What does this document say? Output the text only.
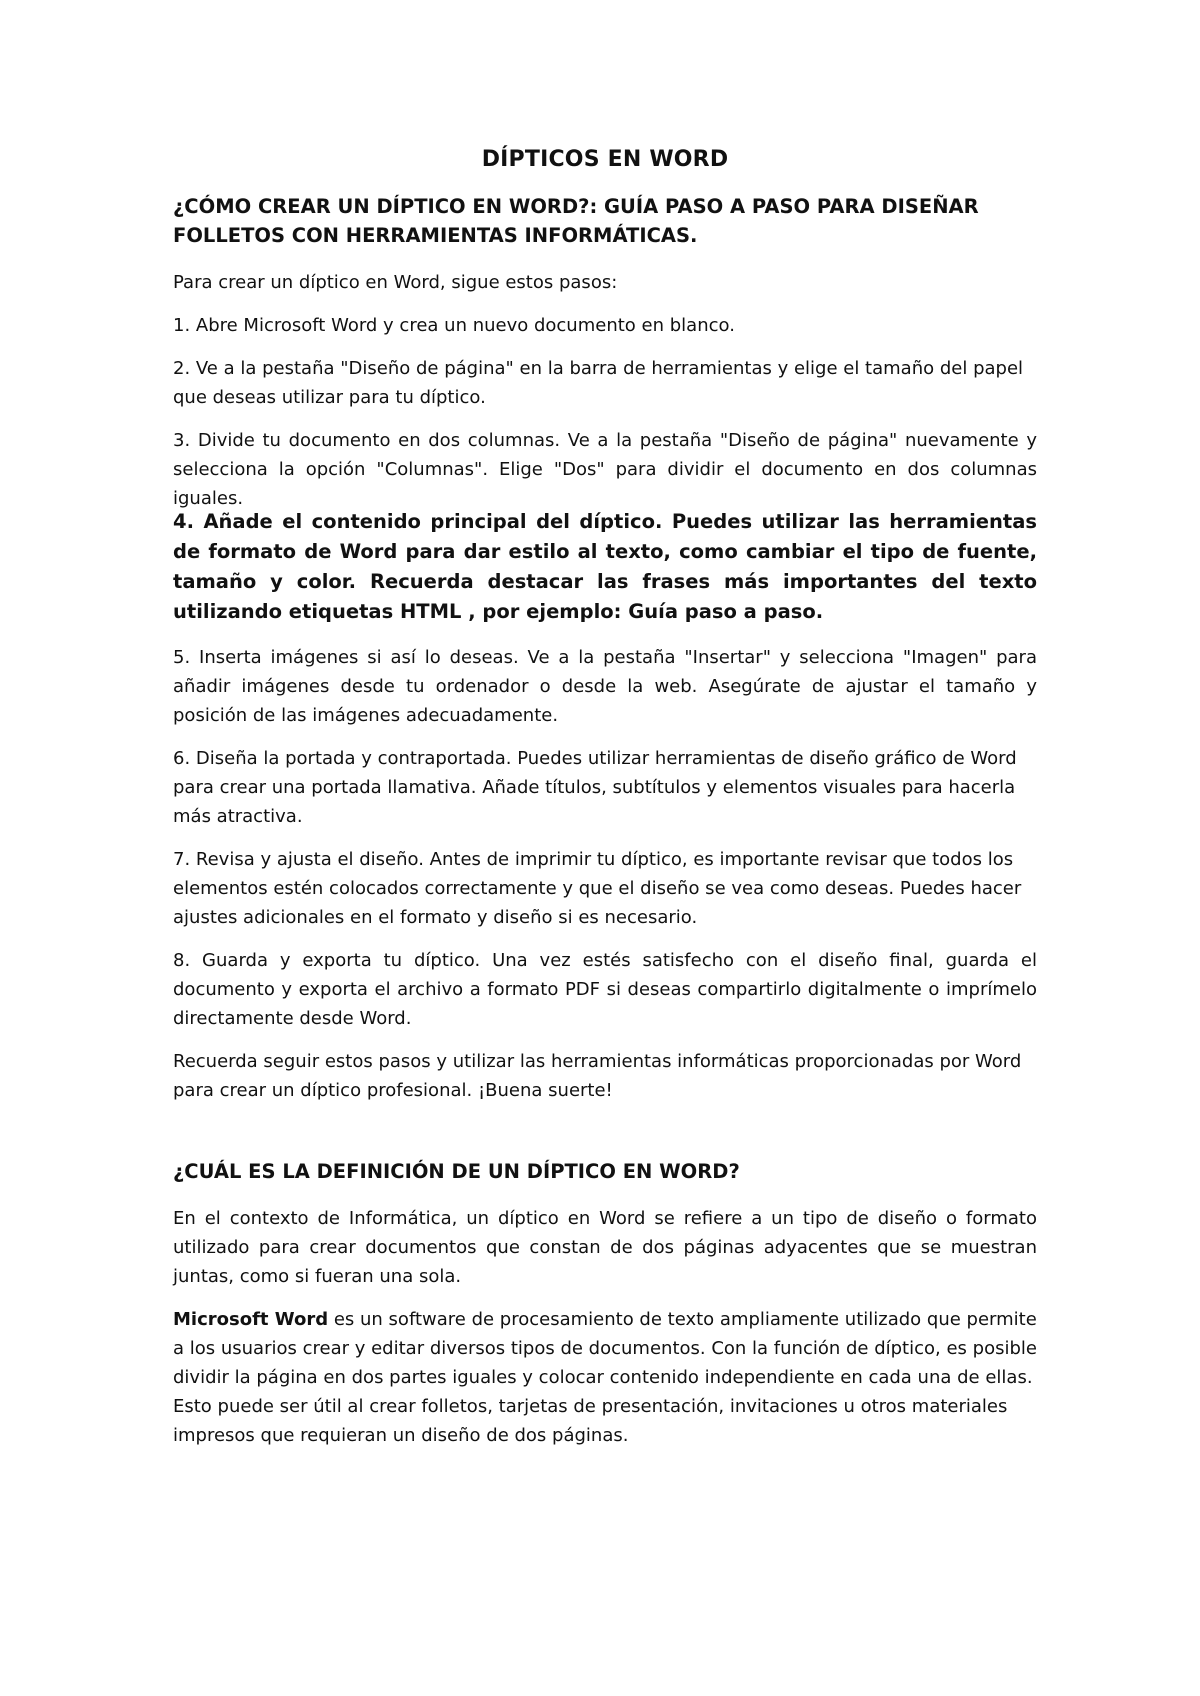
DÍPTICOS EN WORD
¿CÓMO CREAR UN DÍPTICO EN WORD?: GUÍA PASO A PASO PARA DISEÑAR FOLLETOS CON HERRAMIENTAS INFORMÁTICAS.

Para crear un díptico en Word, sigue estos pasos:

1. Abre Microsoft Word y crea un nuevo documento en blanco.

2. Ve a la pestaña "Diseño de página" en la barra de herramientas y elige el tamaño del papel que deseas utilizar para tu díptico.

3. Divide tu documento en dos columnas. Ve a la pestaña "Diseño de página" nuevamente y selecciona la opción "Columnas". Elige "Dos" para dividir el documento en dos columnas iguales.

4. Añade el contenido principal del díptico. Puedes utilizar las herramientas de formato de Word para dar estilo al texto, como cambiar el tipo de fuente, tamaño y color. Recuerda destacar las frases más importantes del texto utilizando etiquetas HTML , por ejemplo: Guía paso a paso.

5. Inserta imágenes si así lo deseas. Ve a la pestaña "Insertar" y selecciona "Imagen" para añadir imágenes desde tu ordenador o desde la web. Asegúrate de ajustar el tamaño y posición de las imágenes adecuadamente.

6. Diseña la portada y contraportada. Puedes utilizar herramientas de diseño gráfico de Word para crear una portada llamativa. Añade títulos, subtítulos y elementos visuales para hacerla más atractiva.

7. Revisa y ajusta el diseño. Antes de imprimir tu díptico, es importante revisar que todos los elementos estén colocados correctamente y que el diseño se vea como deseas. Puedes hacer ajustes adicionales en el formato y diseño si es necesario.

8. Guarda y exporta tu díptico. Una vez estés satisfecho con el diseño final, guarda el documento y exporta el archivo a formato PDF si deseas compartirlo digitalmente o imprímelo directamente desde Word.

Recuerda seguir estos pasos y utilizar las herramientas informáticas proporcionadas por Word para crear un díptico profesional. ¡Buena suerte!

¿CUÁL ES LA DEFINICIÓN DE UN DÍPTICO EN WORD?

En el contexto de Informática, un díptico en Word se refiere a un tipo de diseño o formato utilizado para crear documentos que constan de dos páginas adyacentes que se muestran juntas, como si fueran una sola.

Microsoft Word es un software de procesamiento de texto ampliamente utilizado que permite a los usuarios crear y editar diversos tipos de documentos. Con la función de díptico, es posible dividir la página en dos partes iguales y colocar contenido independiente en cada una de ellas. Esto puede ser útil al crear folletos, tarjetas de presentación, invitaciones u otros materiales impresos que requieran un diseño de dos páginas.
